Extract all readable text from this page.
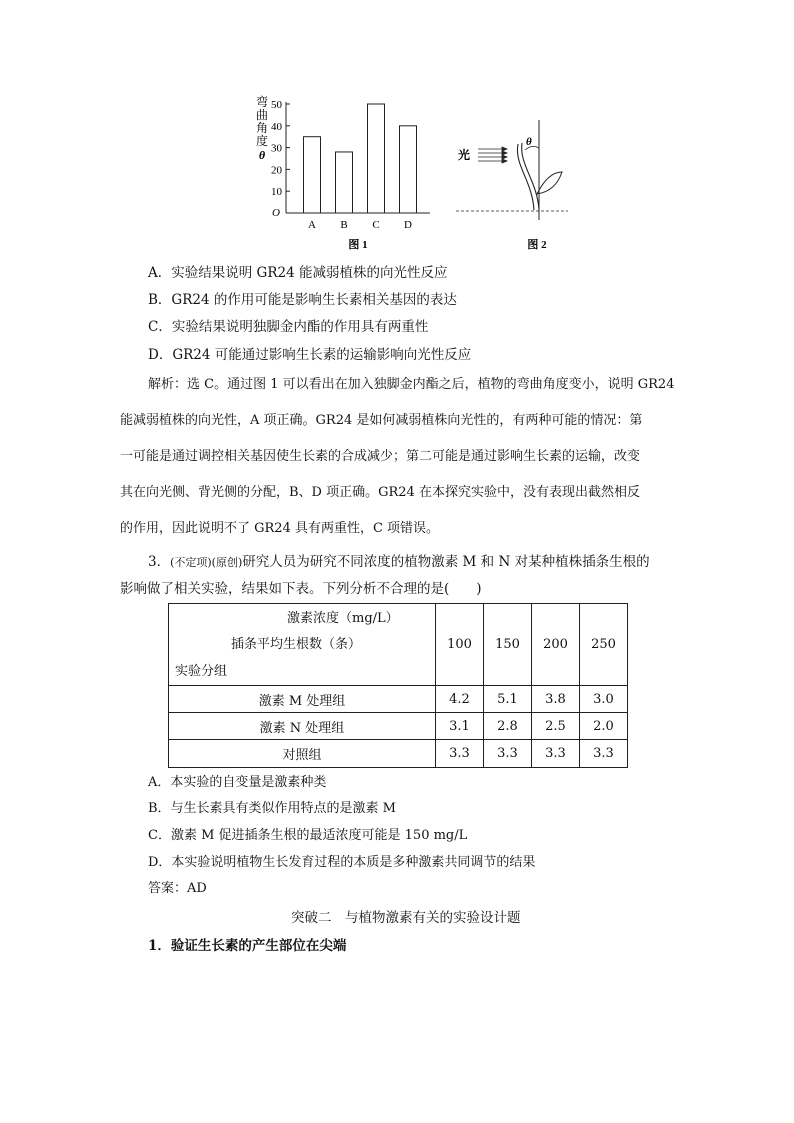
弯
曲
角
度
θ
10
20
30
40
50
A B C D
O
图 1
光
θ
图 2
A．实验结果说明 GR24 能减弱植株的向光性反应
B．GR24 的作用可能是影响生长素相关基因的表达
C．实验结果说明独脚金内酯的作用具有两重性
D．GR24 可能通过影响生长素的运输影响向光性反应
解析：选 C。通过图 1 可以看出在加入独脚金内酯之后，植物的弯曲角度变小，说明 GR24
能减弱植株的向光性，A 项正确。GR24 是如何减弱植株向光性的，有两种可能的情况：第
一可能是通过调控相关基因使生长素的合成减少；第二可能是通过影响生长素的运输，改变
其在向光侧、背光侧的分配，B、D 项正确。GR24 在本探究实验中，没有表现出截然相反
的作用，因此说明不了 GR24 具有两重性，C 项错误。
3．(不定项)(原创)研究人员为研究不同浓度的植物激素 M 和 N 对某种植株插条生根的
影响做了相关实验，结果如下表。下列分析不合理的是(　　)
激素浓度（mg/L）
插条平均生根数（条）
实验分组	100	150	200	250
激素 M 处理组	4.2	5.1	3.8	3.0
激素 N 处理组	3.1	2.8	2.5	2.0
对照组	3.3	3.3	3.3	3.3
A．本实验的自变量是激素种类
B．与生长素具有类似作用特点的是激素 M
C．激素 M 促进插条生根的最适浓度可能是 150 mg/L
D．本实验说明植物生长发育过程的本质是多种激素共同调节的结果
答案：AD
突破二　与植物激素有关的实验设计题
1．验证生长素的产生部位在尖端
